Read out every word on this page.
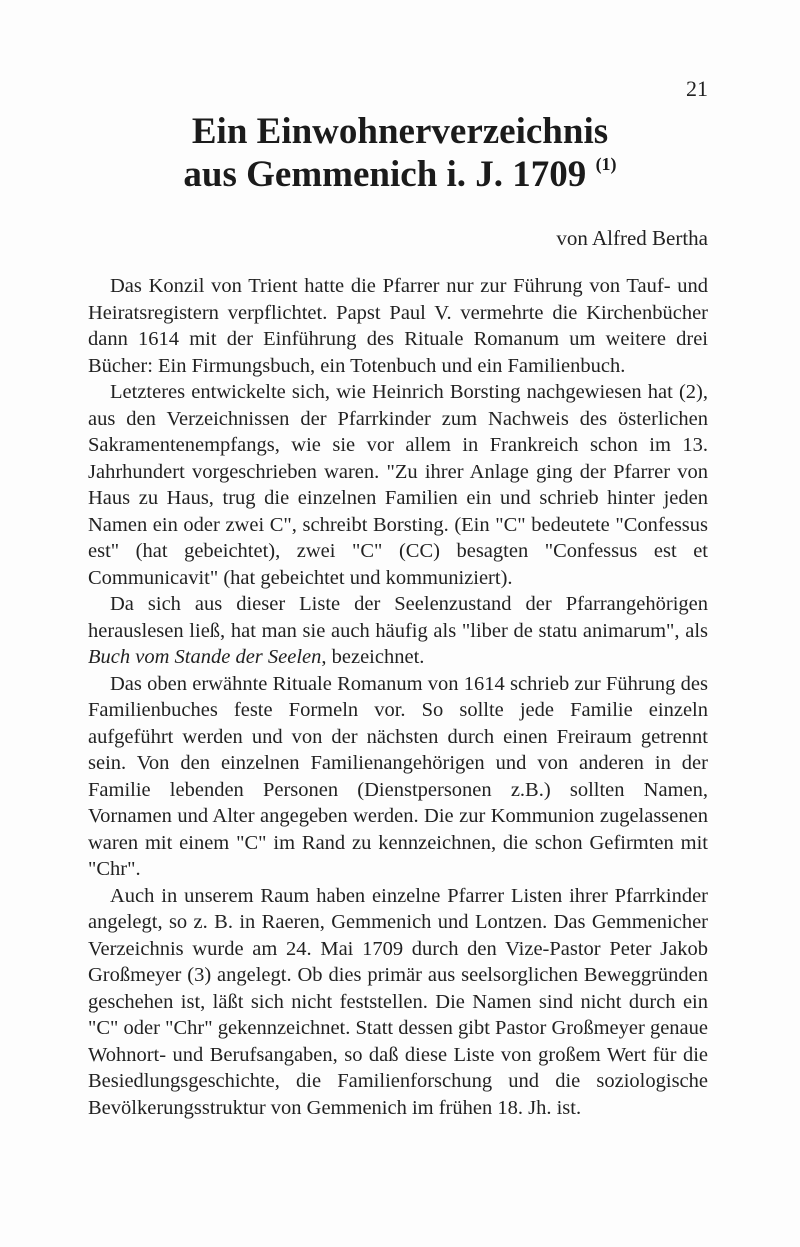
21
Ein Einwohnerverzeichnis
aus Gemmenich i. J. 1709 $^{(1)}$
von Alfred Bertha

Das Konzil von Trient hatte die Pfarrer nur zur Führung von Tauf- und Heiratsregistern verpflichtet. Papst Paul V. vermehrte die Kirchenbücher dann 1614 mit der Einführung des Rituale Romanum um weitere drei Bücher: Ein Firmungsbuch, ein Totenbuch und ein Familienbuch.

Letzteres entwickelte sich, wie Heinrich Borsting nachgewiesen hat (2), aus den Verzeichnissen der Pfarrkinder zum Nachweis des österlichen Sakramentenempfangs, wie sie vor allem in Frankreich schon im 13. Jahrhundert vorgeschrieben waren. "Zu ihrer Anlage ging der Pfarrer von Haus zu Haus, trug die einzelnen Familien ein und schrieb hinter jeden Namen ein oder zwei C", schreibt Borsting. (Ein "C" bedeutete "Confessus est" (hat gebeichtet), zwei "C" (CC) besagten "Confessus est et Communicavit" (hat gebeichtet und kommuniziert).

Da sich aus dieser Liste der Seelenzustand der Pfarrangehörigen herauslesen ließ, hat man sie auch häufig als "liber de statu animarum", als Buch vom Stande der Seelen, bezeichnet.

Das oben erwähnte Rituale Romanum von 1614 schrieb zur Führung des Familienbuches feste Formeln vor. So sollte jede Familie einzeln aufgeführt werden und von der nächsten durch einen Freiraum getrennt sein. Von den einzelnen Familienangehörigen und von anderen in der Familie lebenden Personen (Dienstpersonen z.B.) sollten Namen, Vornamen und Alter angegeben werden. Die zur Kommunion zugelassenen waren mit einem "C" im Rand zu kennzeichnen, die schon Gefirmten mit "Chr".

Auch in unserem Raum haben einzelne Pfarrer Listen ihrer Pfarrkinder angelegt, so z. B. in Raeren, Gemmenich und Lontzen. Das Gemmenicher Verzeichnis wurde am 24. Mai 1709 durch den Vize-Pastor Peter Jakob Großmeyer (3) angelegt. Ob dies primär aus seelsorglichen Beweggründen geschehen ist, läßt sich nicht feststellen. Die Namen sind nicht durch ein "C" oder "Chr" gekennzeichnet. Statt dessen gibt Pastor Großmeyer genaue Wohnort- und Berufsangaben, so daß diese Liste von großem Wert für die Besiedlungsgeschichte, die Familienforschung und die soziologische Bevölkerungsstruktur von Gemmenich im frühen 18. Jh. ist.
